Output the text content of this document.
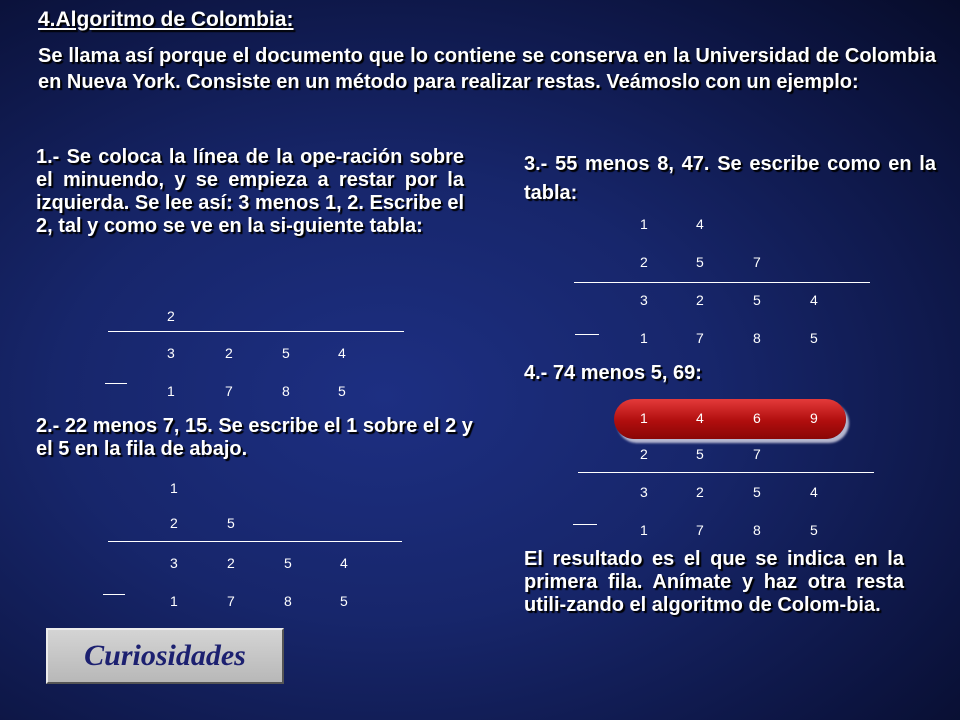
4.Algoritmo de Colombia:

Se llama así porque el documento que lo contiene se conserva en la Universidad de Colombia en Nueva York. Consiste en un método para realizar restas. Veámoslo con un ejemplo:

1.- Se coloca la línea de la ope-ración sobre el minuendo, y se empieza a restar por la izquierda. Se lee así: 3 menos 1, 2. Escribe el 2, tal y como se ve en la si-guiente tabla:

2.- 22 menos 7, 15. Se escribe el 1 sobre el 2 y el 5 en la fila de abajo.

3.- 55 menos 8, 47. Se escribe como en la tabla:

4.- 74 menos 5, 69:

El resultado es el que se indica en la primera fila. Anímate y haz otra resta utili-zando el algoritmo de Colom-bia.

2
3	2	5	4
1	7	8	5
1
2	5
3	2	5	4
1	7	8	5
1	4
2	5	7
3	2	5	4
1	7	8	5
1	4	6	9
2	5	7
3	2	5	4
1	7	8	5
Curiosidades
